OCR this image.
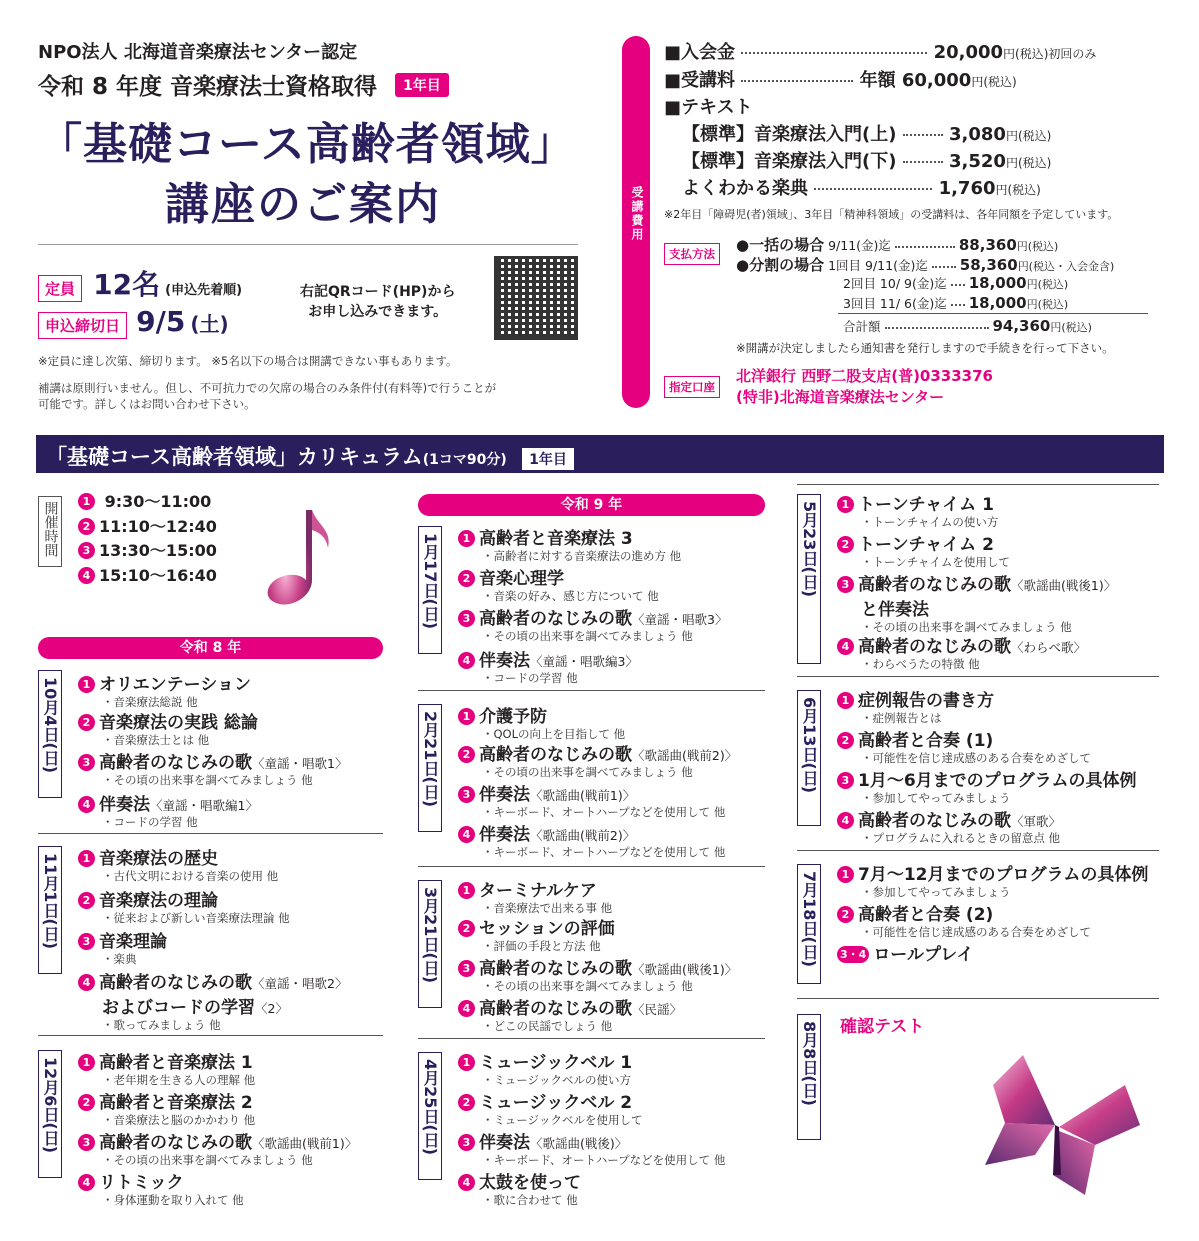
NPO法人 北海道音楽療法センター認定
令和 8 年度 音楽療法士資格取得 1年目
「基礎コース高齢者領域」
講座のご案内
定員 12名 (申込先着順)
申込締切日 9/5 (土)
右記QRコード(HP)から
お申し込みできます。
※定員に達し次第、締切ります。 ※5名以下の場合は開講できない事もあります。
補講は原則行いません。但し、不可抗力での欠席の場合のみ条件付(有料等)で行うことが
可能です。詳しくはお問い合わせ下さい。
受講費用
■入会金	20,000円(税込)初回のみ
■受講料	年額 60,000円(税込)
■テキスト
【標準】音楽療法入門(上)	3,080円(税込)
【標準】音楽療法入門(下)	3,520円(税込)
よくわかる楽典	1,760円(税込)
※2年目「障碍児(者)領域」、3年目「精神科領域」の受講料は、各年同額を予定しています。
支払方法	●一括の場合 9/11(金)迄	88,360円(税込)
●分割の場合 1回目 9/11(金)迄 58,360円(税込・入会金含)
2回目 10/ 9(金)迄 18,000円(税込)
3回目 11/ 6(金)迄 18,000円(税込)
合計額	94,360円(税込)
※開講が決定しましたら通知書を発行しますので手続きを行って下さい。
指定口座
北洋銀行 西野二股支店(普)0333376
(特非)北海道音楽療法センター
「基礎コース高齢者領域」カリキュラム(1コマ90分) 1年目
開催時間	1 9:30〜11:00
2 11:10〜12:40
3 13:30〜15:00
4 15:10〜16:40
令和 8 年
10月4日(日)	1 オリエンテーション
・音楽療法総説 他
2 音楽療法の実践 総論
・音楽療法士とは 他
3 高齢者のなじみの歌〈童謡・唱歌1〉
・その頃の出来事を調べてみましょう 他
4 伴奏法〈童謡・唱歌編1〉
・コードの学習 他
11月1日(日)	1 音楽療法の歴史
・古代文明における音楽の使用 他
2 音楽療法の理論
・従来および新しい音楽療法理論 他
3 音楽理論
・楽典
4 高齢者のなじみの歌〈童謡・唱歌2〉
およびコードの学習〈2〉
・歌ってみましょう 他
12月6日(日)	1 高齢者と音楽療法 1
・老年期を生きる人の理解 他
2 高齢者と音楽療法 2
・音楽療法と脳のかかわり 他
3 高齢者のなじみの歌〈歌謡曲(戦前1)〉
・その頃の出来事を調べてみましょう 他
4 リトミック
・身体運動を取り入れて 他
令和 9 年
1月17日(日)	1 高齢者と音楽療法 3
・高齢者に対する音楽療法の進め方 他
2 音楽心理学
・音楽の好み、感じ方について 他
3 高齢者のなじみの歌〈童謡・唱歌3〉
・その頃の出来事を調べてみましょう 他
4 伴奏法〈童謡・唱歌編3〉
・コードの学習 他
2月21日(日)	1 介護予防
・QOLの向上を目指して 他
2 高齢者のなじみの歌〈歌謡曲(戦前2)〉
・その頃の出来事を調べてみましょう 他
3 伴奏法〈歌謡曲(戦前1)〉
・キーボード、オートハープなどを使用して 他
4 伴奏法〈歌謡曲(戦前2)〉
・キーボード、オートハープなどを使用して 他
3月21日(日)	1 ターミナルケア
・音楽療法で出来る事 他
2 セッションの評価
・評価の手段と方法 他
3 高齢者のなじみの歌〈歌謡曲(戦後1)〉
・その頃の出来事を調べてみましょう 他
4 高齢者のなじみの歌〈民謡〉
・どこの民謡でしょう 他
4月25日(日)	1 ミュージックベル 1
・ミュージックベルの使い方
2 ミュージックベル 2
・ミュージックベルを使用して
3 伴奏法〈歌謡曲(戦後)〉
・キーボード、オートハープなどを使用して 他
4 太鼓を使って
・歌に合わせて 他
5月23日(日)	1 トーンチャイム 1
・トーンチャイムの使い方
2 トーンチャイム 2
・トーンチャイムを使用して
3 高齢者のなじみの歌〈歌謡曲(戦後1)〉
と伴奏法
・その頃の出来事を調べてみましょう 他
4 高齢者のなじみの歌〈わらべ歌〉
・わらべうたの特徴 他
6月13日(日)	1 症例報告の書き方
・症例報告とは
2 高齢者と合奏 (1)
・可能性を信じ達成感のある合奏をめざして
3 1月〜6月までのプログラムの具体例
・参加してやってみましょう
4 高齢者のなじみの歌〈軍歌〉
・プログラムに入れるときの留意点 他
7月18日(日)	1 7月〜12月までのプログラムの具体例
・参加してやってみましょう
2 高齢者と合奏 (2)
・可能性を信じ達成感のある合奏をめざして
3・4 ロールプレイ
8月8日(日) 確認テスト
